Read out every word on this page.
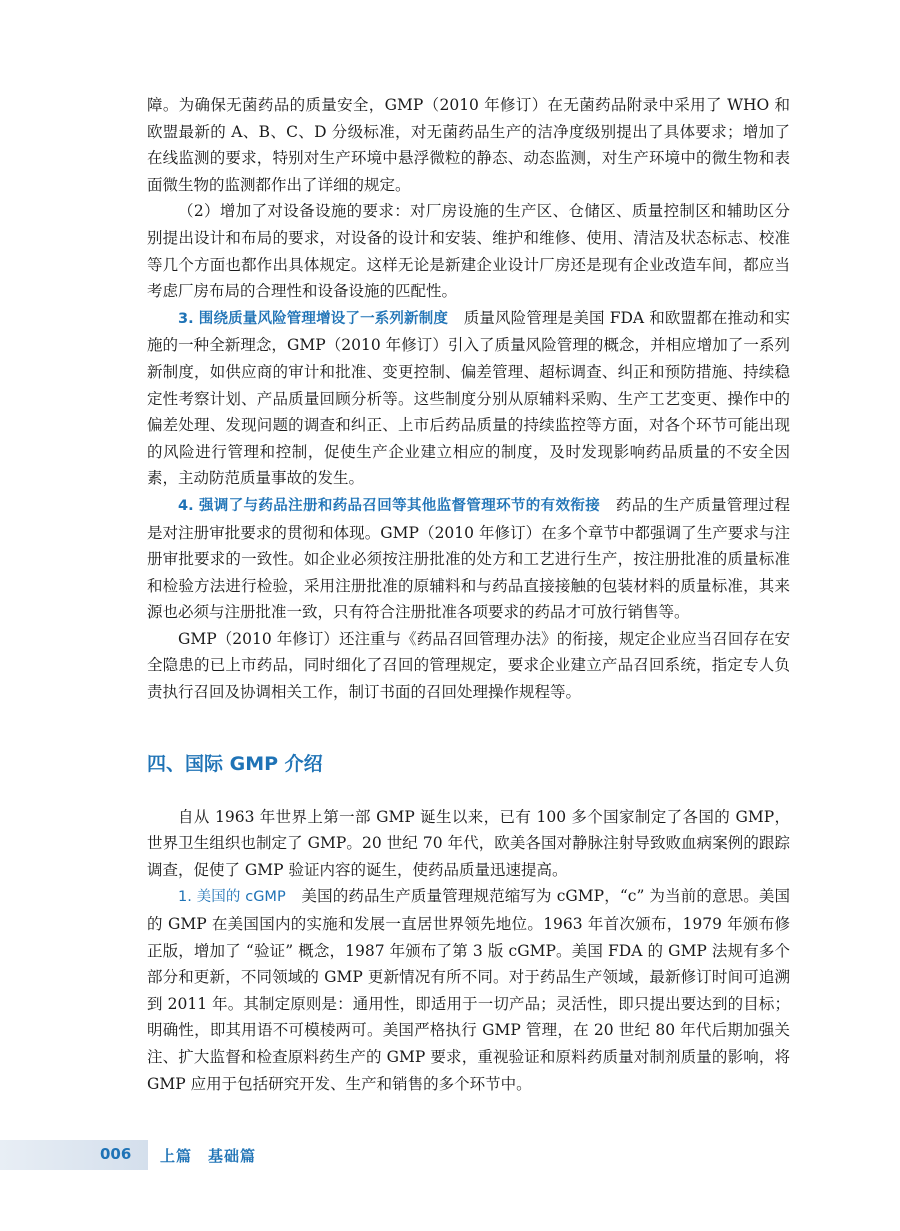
障。为确保无菌药品的质量安全，GMP（2010 年修订）在无菌药品附录中采用了 WHO 和欧盟最新的 A、B、C、D 分级标准，对无菌药品生产的洁净度级别提出了具体要求；增加了在线监测的要求，特别对生产环境中悬浮微粒的静态、动态监测，对生产环境中的微生物和表面微生物的监测都作出了详细的规定。

（2）增加了对设备设施的要求：对厂房设施的生产区、仓储区、质量控制区和辅助区分别提出设计和布局的要求，对设备的设计和安装、维护和维修、使用、清洁及状态标志、校准等几个方面也都作出具体规定。这样无论是新建企业设计厂房还是现有企业改造车间，都应当考虑厂房布局的合理性和设备设施的匹配性。

3. 围绕质量风险管理增设了一系列新制度　 质量风险管理是美国 FDA 和欧盟都在推动和实施的一种全新理念，GMP（2010 年修订）引入了质量风险管理的概念，并相应增加了一系列新制度，如供应商的审计和批准、变更控制、偏差管理、超标调查、纠正和预防措施、持续稳定性考察计划、产品质量回顾分析等。这些制度分别从原辅料采购、生产工艺变更、操作中的偏差处理、发现问题的调查和纠正、上市后药品质量的持续监控等方面，对各个环节可能出现的风险进行管理和控制，促使生产企业建立相应的制度，及时发现影响药品质量的不安全因素，主动防范质量事故的发生。

4. 强调了与药品注册和药品召回等其他监督管理环节的有效衔接　 药品的生产质量管理过程是对注册审批要求的贯彻和体现。GMP（2010 年修订）在多个章节中都强调了生产要求与注册审批要求的一致性。如企业必须按注册批准的处方和工艺进行生产，按注册批准的质量标准和检验方法进行检验，采用注册批准的原辅料和与药品直接接触的包装材料的质量标准，其来源也必须与注册批准一致，只有符合注册批准各项要求的药品才可放行销售等。

GMP（2010 年修订）还注重与《药品召回管理办法》的衔接，规定企业应当召回存在安全隐患的已上市药品，同时细化了召回的管理规定，要求企业建立产品召回系统，指定专人负责执行召回及协调相关工作，制订书面的召回处理操作规程等。

四、国际 GMP 介绍

自从 1963 年世界上第一部 GMP 诞生以来，已有 100 多个国家制定了各国的 GMP，世界卫生组织也制定了 GMP。20 世纪 70 年代，欧美各国对静脉注射导致败血病案例的跟踪调查，促使了 GMP 验证内容的诞生，使药品质量迅速提高。

1. 美国的 cGMP　 美国的药品生产质量管理规范缩写为 cGMP，“c” 为当前的意思。美国的 GMP 在美国国内的实施和发展一直居世界领先地位。1963 年首次颁布，1979 年颁布修正版，增加了 “验证” 概念，1987 年颁布了第 3 版 cGMP。美国 FDA 的 GMP 法规有多个部分和更新，不同领域的 GMP 更新情况有所不同。对于药品生产领域，最新修订时间可追溯到 2011 年。其制定原则是：通用性，即适用于一切产品；灵活性，即只提出要达到的目标；明确性，即其用语不可模棱两可。美国严格执行 GMP 管理，在 20 世纪 80 年代后期加强关注、扩大监督和检查原料药生产的 GMP 要求，重视验证和原料药质量对制剂质量的影响，将 GMP 应用于包括研究开发、生产和销售的多个环节中。

006 上篇　基础篇
